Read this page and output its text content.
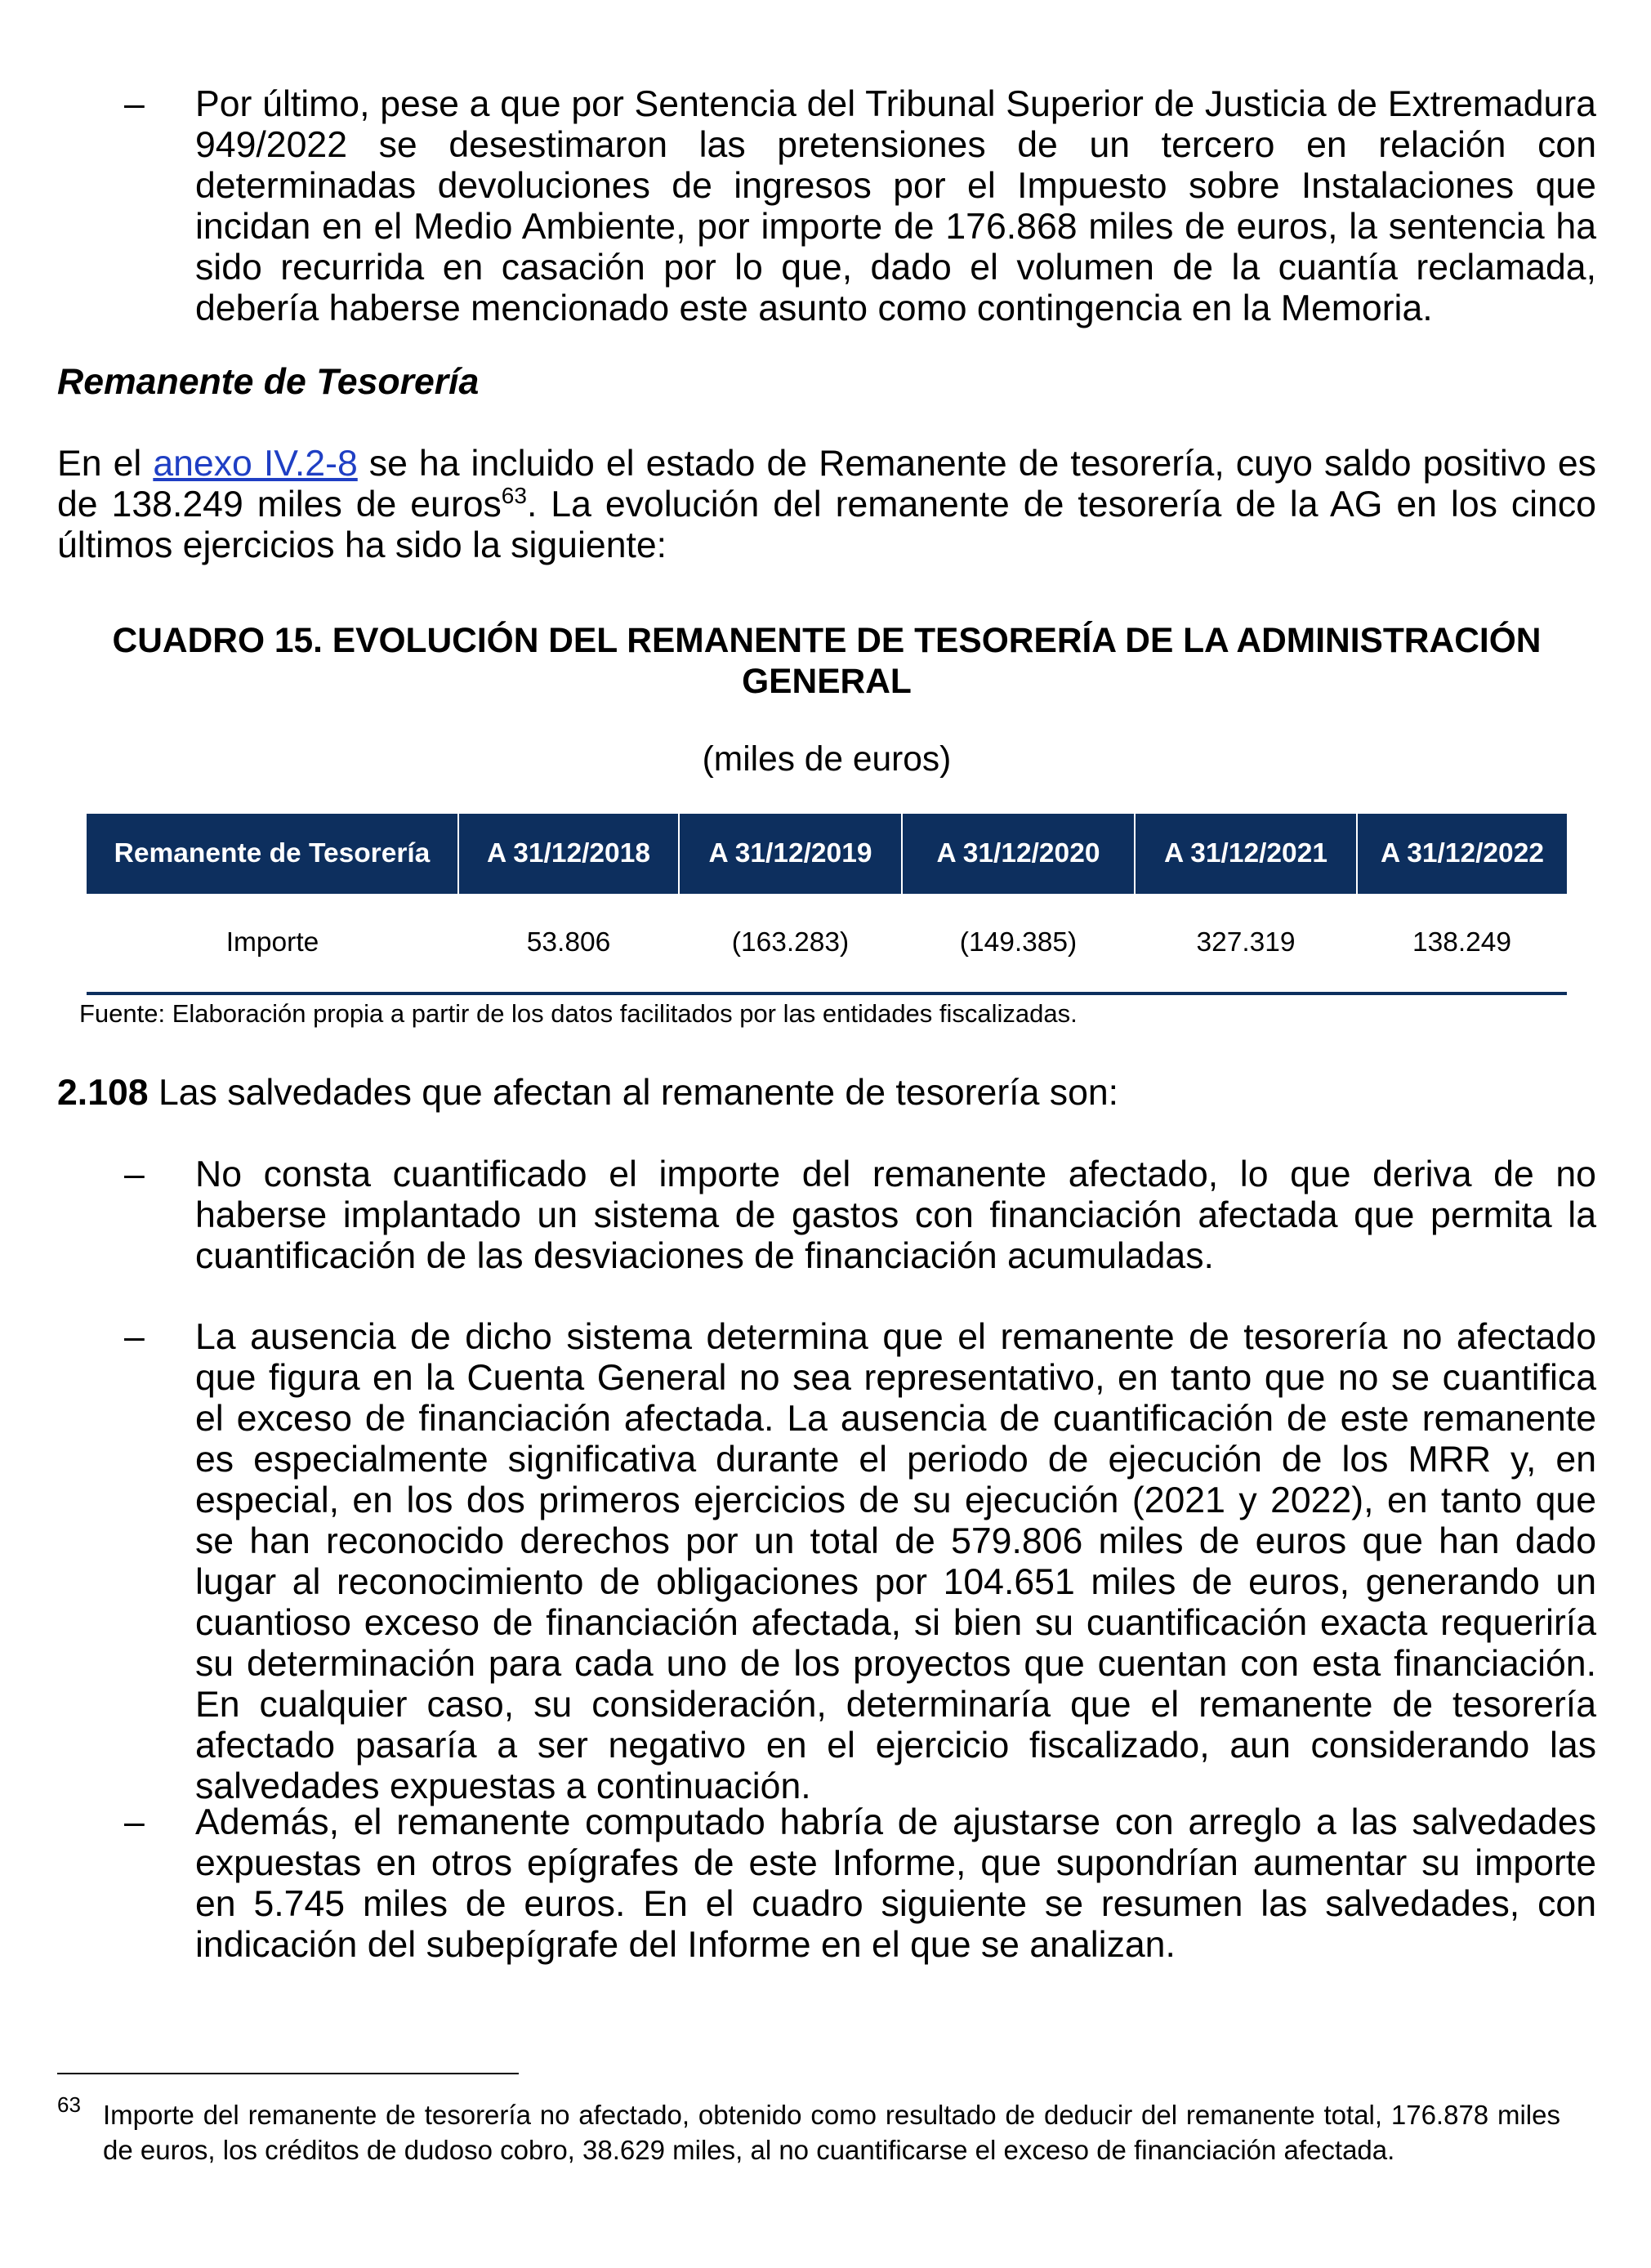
– Por último, pese a que por Sentencia del Tribunal Superior de Justicia de Extremadura 949/2022 se desestimaron las pretensiones de un tercero en relación con determinadas devoluciones de ingresos por el Impuesto sobre Instalaciones que incidan en el Medio Ambiente, por importe de 176.868 miles de euros, la sentencia ha sido recurrida en casación por lo que, dado el volumen de la cuantía reclamada, debería haberse mencionado este asunto como contingencia en la Memoria.
Remanente de Tesorería
En el anexo IV.2-8 se ha incluido el estado de Remanente de tesorería, cuyo saldo positivo es de 138.249 miles de euros$^{63}$. La evolución del remanente de tesorería de la AG en los cinco últimos ejercicios ha sido la siguiente:
CUADRO 15. EVOLUCIÓN DEL REMANENTE DE TESORERÍA DE LA ADMINISTRACIÓN
GENERAL
(miles de euros)
Remanente de Tesorería	A 31/12/2018	A 31/12/2019	A 31/12/2020	A 31/12/2021	A 31/12/2022
Importe	53.806	(163.283)	(149.385)	327.319	138.249
Fuente: Elaboración propia a partir de los datos facilitados por las entidades fiscalizadas.
2.108 Las salvedades que afectan al remanente de tesorería son:
– No consta cuantificado el importe del remanente afectado, lo que deriva de no haberse implantado un sistema de gastos con financiación afectada que permita la cuantificación de las desviaciones de financiación acumuladas.
– La ausencia de dicho sistema determina que el remanente de tesorería no afectado que figura en la Cuenta General no sea representativo, en tanto que no se cuantifica el exceso de financiación afectada. La ausencia de cuantificación de este remanente es especialmente significativa durante el periodo de ejecución de los MRR y, en especial, en los dos primeros ejercicios de su ejecución (2021 y 2022), en tanto que se han reconocido derechos por un total de 579.806 miles de euros que han dado lugar al reconocimiento de obligaciones por 104.651 miles de euros, generando un cuantioso exceso de financiación afectada, si bien su cuantificación exacta requeriría su determinación para cada uno de los proyectos que cuentan con esta financiación. En cualquier caso, su consideración, determinaría que el remanente de tesorería afectado pasaría a ser negativo en el ejercicio fiscalizado, aun considerando las salvedades expuestas a continuación.
– Además, el remanente computado habría de ajustarse con arreglo a las salvedades expuestas en otros epígrafes de este Informe, que supondrían aumentar su importe en 5.745 miles de euros. En el cuadro siguiente se resumen las salvedades, con indicación del subepígrafe del Informe en el que se analizan.
63 Importe del remanente de tesorería no afectado, obtenido como resultado de deducir del remanente total, 176.878 miles de euros, los créditos de dudoso cobro, 38.629 miles, al no cuantificarse el exceso de financiación afectada.
